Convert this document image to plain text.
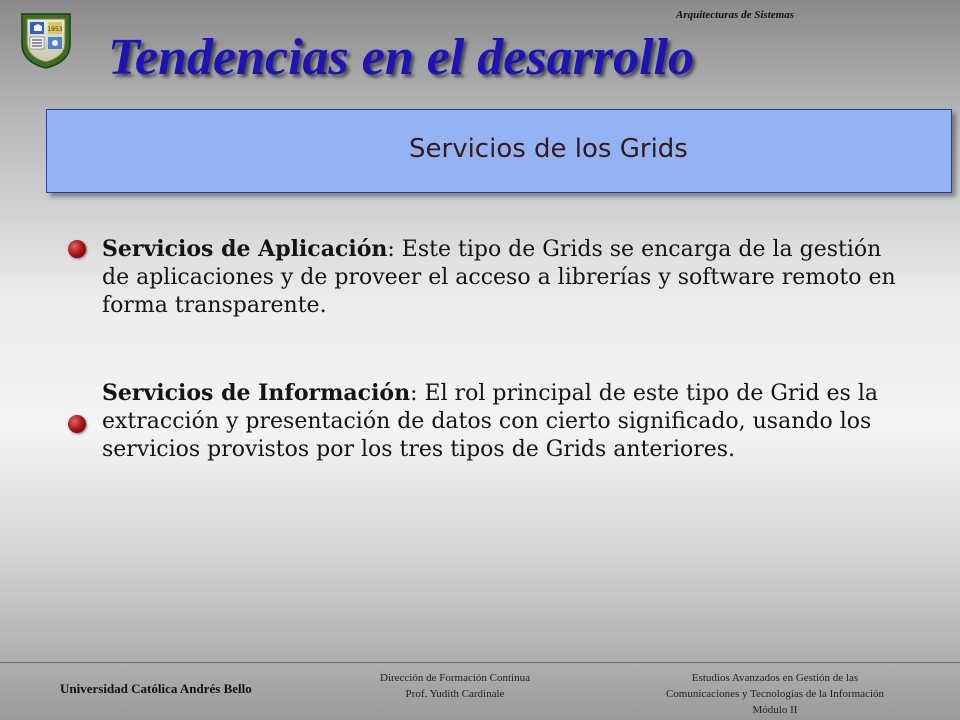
1953
Arquitecturas de Sistemas
Tendencias en el desarrollo
Servicios de los Grids
Servicios de Aplicación: Este tipo de Grids se encarga de la gestión de aplicaciones y de proveer el acceso a librerías y software remoto en forma transparente.
Servicios de Información: El rol principal de este tipo de Grid es la extracción y presentación de datos con cierto significado, usando los servicios provistos por los tres tipos de Grids anteriores.
Universidad Católica Andrés Bello
Dirección de Formación Continua
Prof. Yudith Cardinale
Estudios Avanzados en Gestión de las
Comunicaciones y Tecnologías de la Información
Módulo II
